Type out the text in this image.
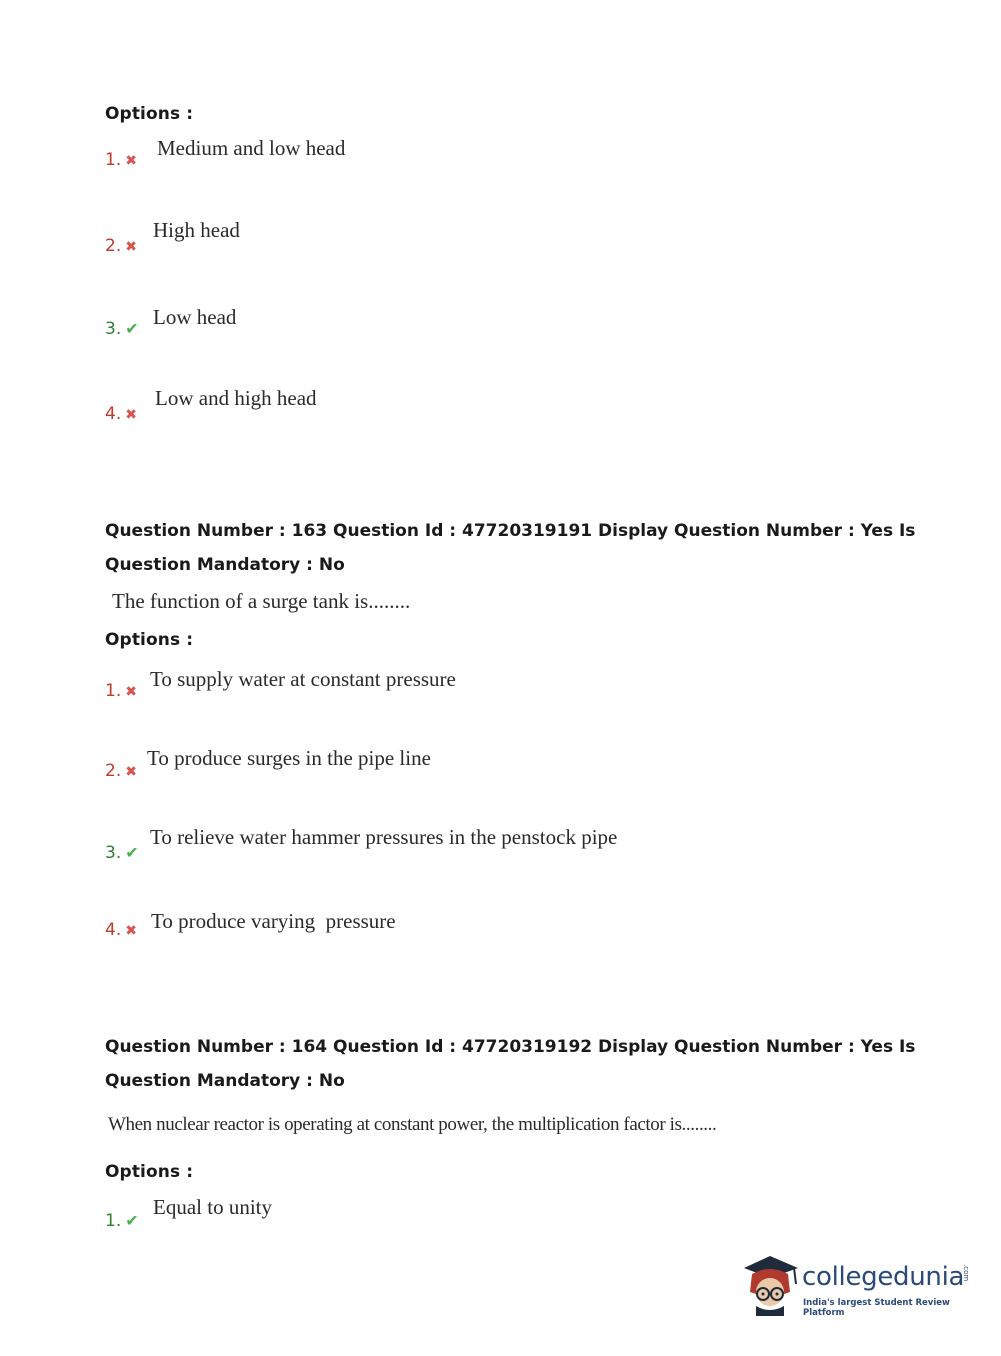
Options :
1. ✖
Medium and low head
2. ✖
High head
3. ✔ Low head
4. ✖
Low and high head
Question Number : 163 Question Id : 47720319191 Display Question Number : Yes Is Question Mandatory : No
The function of a surge tank is........
Options :
1. ✖
To supply water at constant pressure
2. ✖
To produce surges in the pipe line
3. ✔
To relieve water hammer pressures in the penstock pipe
4. ✖ To produce varying  pressure
Question Number : 164 Question Id : 47720319192 Display Question Number : Yes Is Question Mandatory : No
When nuclear reactor is operating at constant power, the multiplication factor is........
Options :
1. ✔
Equal to unity
collegedunia
.com
India's largest Student Review Platform
